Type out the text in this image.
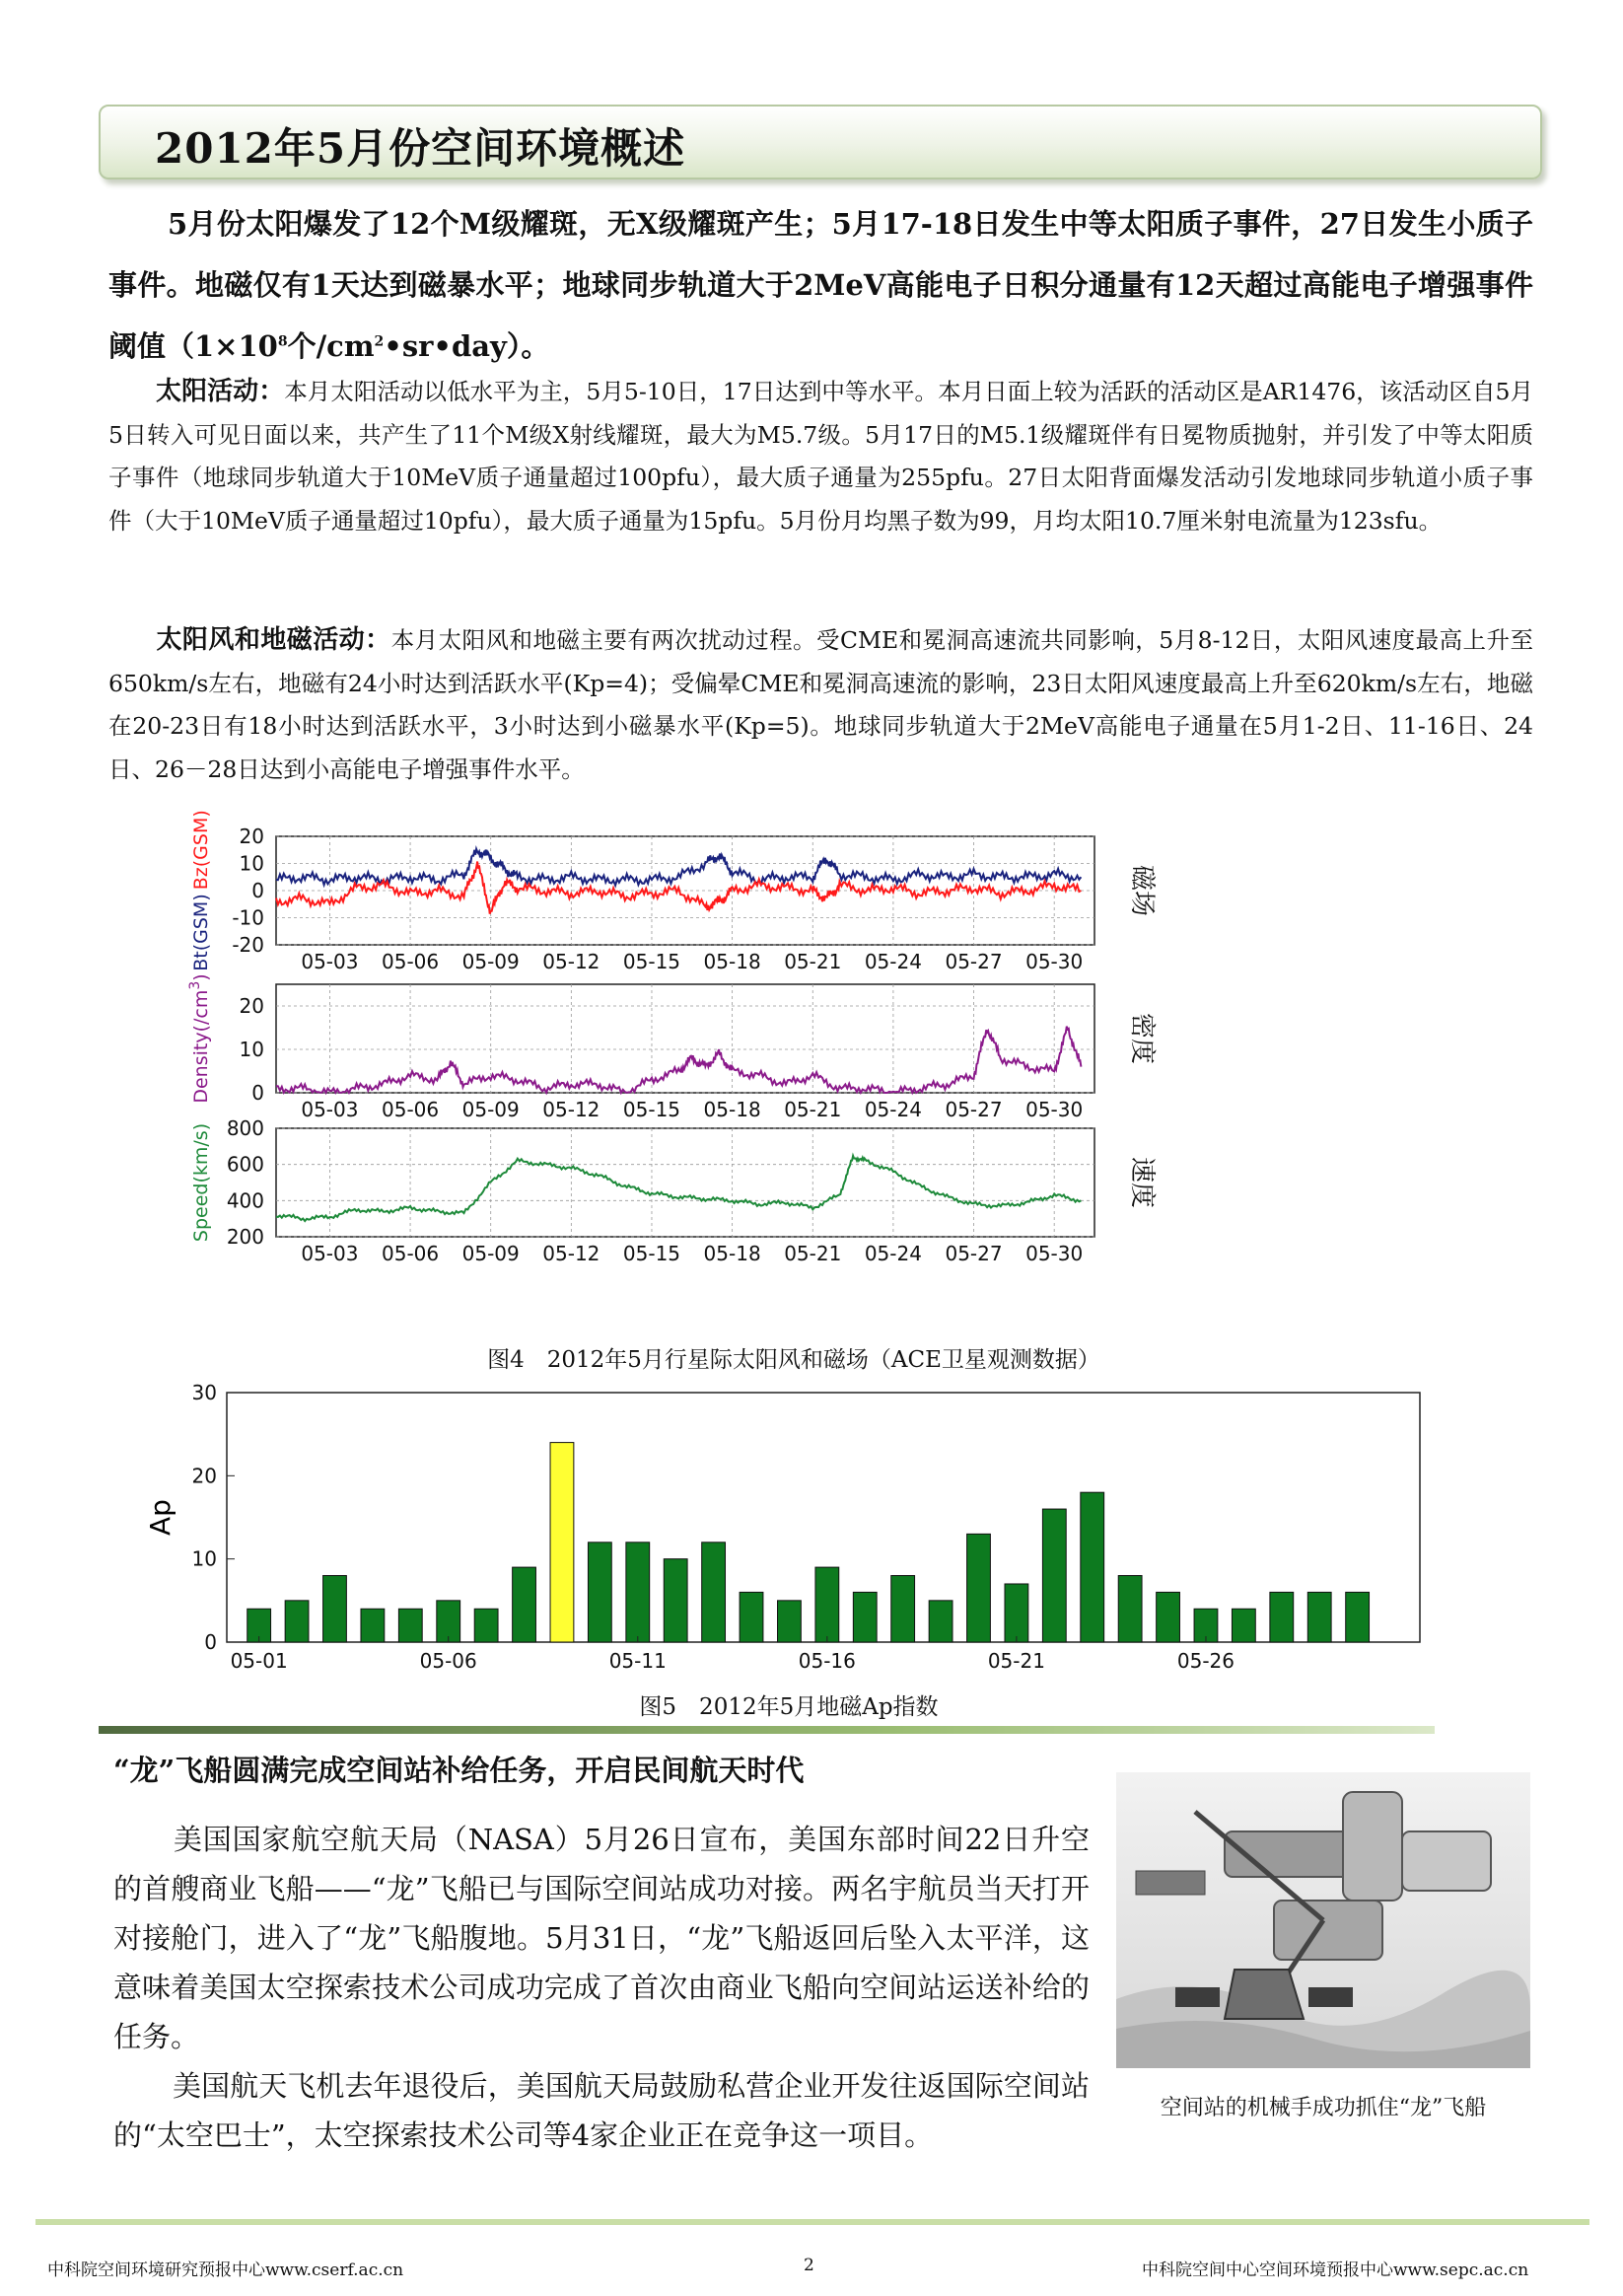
2012年5月份空间环境概述
5月份太阳爆发了12个M级耀斑，无X级耀斑产生；5月17-18日发生中等太阳质子事件，27日发生小质子事件。地磁仅有1天达到磁暴水平；地球同步轨道大于2MeV高能电子日积分通量有12天超过高能电子增强事件阈值（$1\times 10^8$个$/cm^2•sr•day$）。
太阳活动：本月太阳活动以低水平为主，5月5-10日，17日达到中等水平。本月日面上较为活跃的活动区是AR1476，该活动区自5月5日转入可见日面以来，共产生了11个M级X射线耀斑，最大为M5.7级。5月17日的M5.1级耀斑伴有日冕物质抛射，并引发了中等太阳质子事件（地球同步轨道大于10MeV质子通量超过100pfu），最大质子通量为255pfu。27日太阳背面爆发活动引发地球同步轨道小质子事件（大于10MeV质子通量超过10pfu），最大质子通量为15pfu。5月份月均黑子数为99，月均太阳10.7厘米射电流量为123sfu。
太阳风和地磁活动：本月太阳风和地磁主要有两次扰动过程。受CME和冕洞高速流共同影响，5月8-12日，太阳风速度最高上升至650km/s左右，地磁有24小时达到活跃水平(Kp=4)；受偏晕CME和冕洞高速流的影响，23日太阳风速度最高上升至620km/s左右，地磁在20-23日有18小时达到活跃水平，3小时达到小磁暴水平(Kp=5)。地球同步轨道大于2MeV高能电子通量在5月1-2日、11-16日、24日、26－28日达到小高能电子增强事件水平。
20
10
0
-10
-20
05-03 05-06 05-09 05-12 05-15 05-18 05-21 05-24 05-27 05-30
Bt(GSM)Bz(GSM)
磁场
20
10
0
05-03 05-06 05-09 05-12 05-15 05-18 05-21 05-24 05-27 05-30
$Density(/cm^3)$
密度
800
600
400
200
05-03 05-06 05-09 05-12 05-15 05-18 05-21 05-24 05-27 05-30
Speed(km/s)	速度
图4　2012年5月行星际太阳风和磁场（ACE卫星观测数据）
30
20
10
0
05-01	05-06	05-11	05-16	05-21	05-26
Ap
图5　2012年5月地磁Ap指数
“龙”飞船圆满完成空间站补给任务，开启民间航天时代
美国国家航空航天局（NASA）5月26日宣布，美国东部时间22日升空的首艘商业飞船——“龙”飞船已与国际空间站成功对接。两名宇航员当天打开对接舱门，进入了“龙”飞船腹地。5月31日，“龙”飞船返回后坠入太平洋，这意味着美国太空探索技术公司成功完成了首次由商业飞船向空间站运送补给的任务。
美国航天飞机去年退役后，美国航天局鼓励私营企业开发往返国际空间站的“太空巴士”，太空探索技术公司等4家企业正在竞争这一项目。
空间站的机械手成功抓住“龙”飞船
中科院空间环境研究预报中心www.cserf.ac.cn	2	中科院空间中心空间环境预报中心www.sepc.ac.cn
